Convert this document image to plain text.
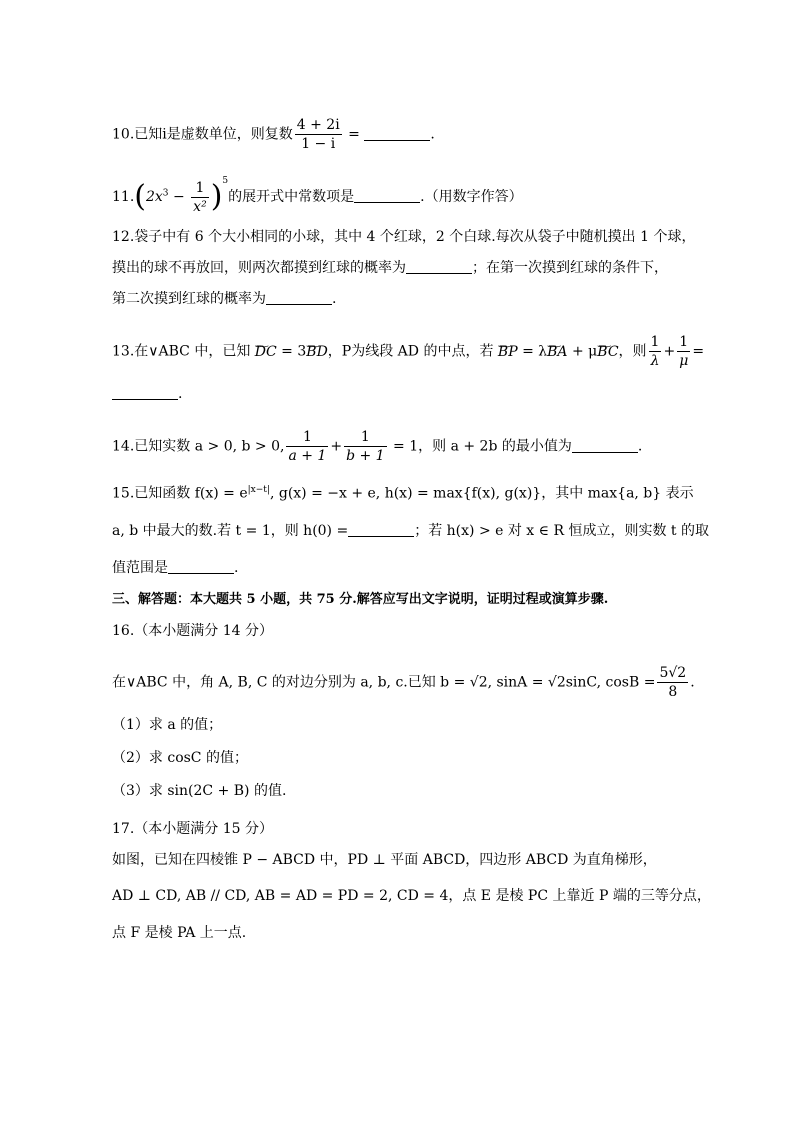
10.已知i是虚数单位，则复数 $\frac{4 + 2i}{1 - i}$ =	.
$11.(2x^3 - \frac{1}{\text{x²}} )^5$的展开式中常数项是	.（用数字作答）
12.袋子中有 6 个大小相同的小球，其中 4 个红球，2 个白球.每次从袋子中随机摸出 1 个球，
摸出的球不再放回，则两次都摸到红球的概率为	；在第一次摸到红球的条件下，
第二次摸到红球的概率为	.
13.在∨ABC 中，已知 ‿‿ DC = 3‿‿ BD，P为线段 AD 的中点，若 ‿‿ BP = λ‿‿ BA + μ‿‿ BC，则 $\frac{1}{\lambda} + \frac{1}{\mu}$ =
.
14.已知实数 a > 0, b > 0, $\frac{1}{a + 1} + \frac{1}{b + 1} = 1$，则 a + 2b 的最小值为	.
15.已知函数 $f(x) = e^{|x-t|}$, g(x) = −x + e, h(x) = max{f(x), g(x)}，其中 max{a, b} 表示
a, b 中最大的数.若 t = 1，则 h(0) =	；若 h(x) > e 对 x ∈ R 恒成立，则实数 t 的取
值范围是	.
三、解答题：本大题共 5 小题，共 75 分.解答应写出文字说明，证明过程或演算步骤.
16.（本小题满分 14 分）
在∨ABC 中，角 A, B, C 的对边分别为 a, b, c.已知 b = √2, sinA = √2sinC, $\cos B = \frac{5√2}{8}$ .
（1）求 a 的值；
（2）求 cosC 的值；
（3）求 sin(2C + B) 的值.
17.（本小题满分 15 分）
如图，已知在四棱锥 P − ABCD 中，PD ⊥ 平面 ABCD，四边形 ABCD 为直角梯形，
AD ⊥ CD, AB // CD, AB = AD = PD = 2, CD = 4，点 E 是棱 PC 上靠近 P 端的三等分点，
点 F 是棱 PA 上一点.
